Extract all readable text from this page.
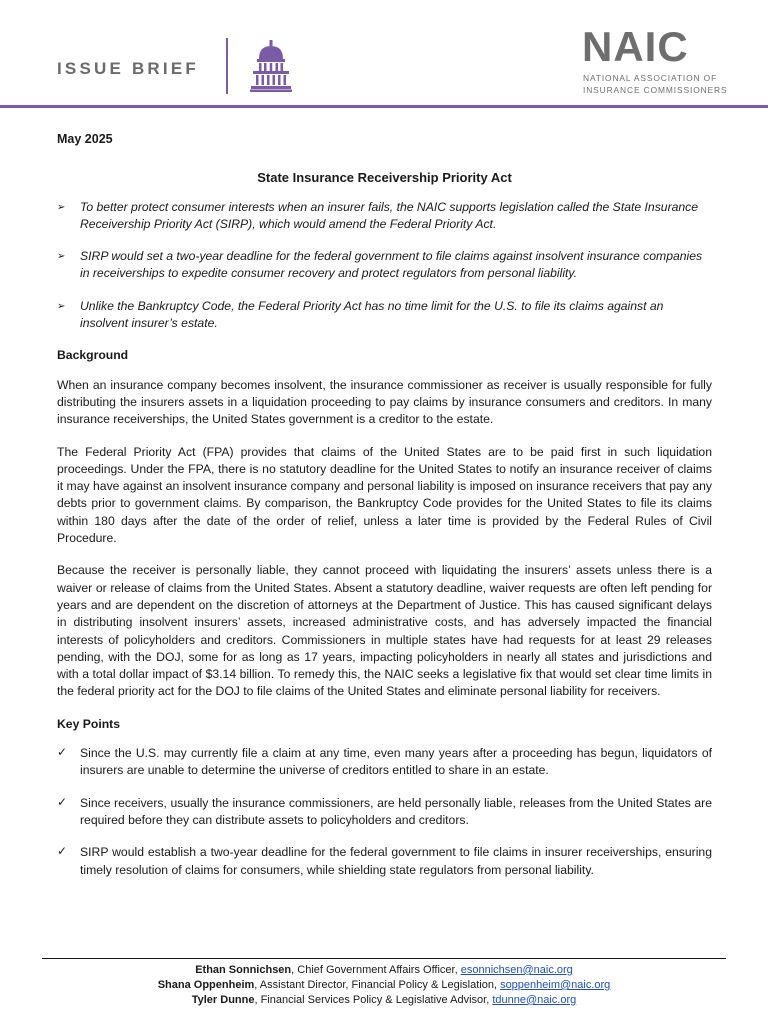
ISSUE BRIEF	NAIC
NATIONAL ASSOCIATION OF
INSURANCE COMMISSIONERS

May 2025

State Insurance Receivership Priority Act
➢ To better protect consumer interests when an insurer fails, the NAIC supports legislation called the State Insurance Receivership Priority Act (SIRP), which would amend the Federal Priority Act.
➢ SIRP would set a two-year deadline for the federal government to file claims against insolvent insurance companies in receiverships to expedite consumer recovery and protect regulators from personal liability.
➢ Unlike the Bankruptcy Code, the Federal Priority Act has no time limit for the U.S. to file its claims against an insolvent insurer’s estate.
Background

When an insurance company becomes insolvent, the insurance commissioner as receiver is usually responsible for fully distributing the insurers assets in a liquidation proceeding to pay claims by insurance consumers and creditors. In many insurance receiverships, the United States government is a creditor to the estate.

The Federal Priority Act (FPA) provides that claims of the United States are to be paid first in such liquidation proceedings. Under the FPA, there is no statutory deadline for the United States to notify an insurance receiver of claims it may have against an insolvent insurance company and personal liability is imposed on insurance receivers that pay any debts prior to government claims. By comparison, the Bankruptcy Code provides for the United States to file its claims within 180 days after the date of the order of relief, unless a later time is provided by the Federal Rules of Civil Procedure.

Because the receiver is personally liable, they cannot proceed with liquidating the insurers’ assets unless there is a waiver or release of claims from the United States. Absent a statutory deadline, waiver requests are often left pending for years and are dependent on the discretion of attorneys at the Department of Justice. This has caused significant delays in distributing insolvent insurers’ assets, increased administrative costs, and has adversely impacted the financial interests of policyholders and creditors. Commissioners in multiple states have had requests for at least 29 releases pending, with the DOJ, some for as long as 17 years, impacting policyholders in nearly all states and jurisdictions and with a total dollar impact of $3.14 billion. To remedy this, the NAIC seeks a legislative fix that would set clear time limits in the federal priority act for the DOJ to file claims of the United States and eliminate personal liability for receivers.

Key Points
✓ Since the U.S. may currently file a claim at any time, even many years after a proceeding has begun, liquidators of insurers are unable to determine the universe of creditors entitled to share in an estate.
✓ Since receivers, usually the insurance commissioners, are held personally liable, releases from the United States are required before they can distribute assets to policyholders and creditors.
✓ SIRP would establish a two-year deadline for the federal government to file claims in insurer receiverships, ensuring timely resolution of claims for consumers, while shielding state regulators from personal liability.
Ethan Sonnichsen, Chief Government Affairs Officer, esonnichsen@naic.org
Shana Oppenheim, Assistant Director, Financial Policy & Legislation, soppenheim@naic.org
Tyler Dunne, Financial Services Policy & Legislative Advisor, tdunne@naic.org
